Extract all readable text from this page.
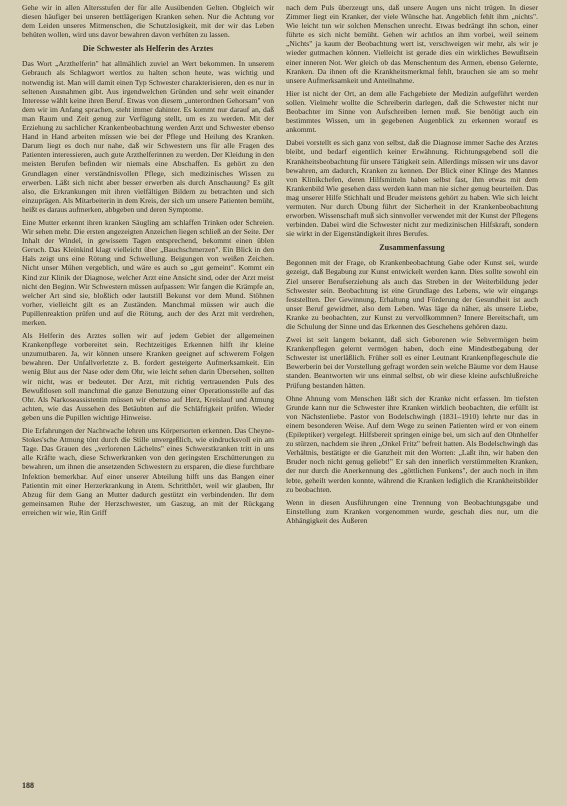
Gehe wir in allen Altersstufen der für alle Ausübenden Gelten. Obgleich wir diesen häufiger bei unseren bettlägerigen Kranken sehen. Nur die Achtung vor dem Leiden unseres Mitmenschen, die Schutzlosigkeit, mit der wir das Leben behüten wollen, wird uns davor bewahren davon verhüten zu lassen.

Die Schwester als Helferin des Arztes

Das Wort „Arzthelferin" hat allmählich zuviel an Wert bekommen. In unserem Gebrauch als Schlagwort wertlos zu halten schon heute, was wichtig und notwendig ist. Man will damit einen Typ Schwester charakterisieren, den es nur in seltenen Ausnahmen gibt. Aus irgendwelchen Gründen und sehr weit einander Interesse wählt keine ihren Beruf. Etwas von diesem „unterordnen Gehorsam" von dem wir im Anfang sprachen, steht immer dahinter. Es kommt nur darauf an, daß man Raum und Zeit genug zur Verfügung stellt, um es zu werden. Mit der Erziehung zu sachlicher Krankenbeobachtung werden Arzt und Schwester ebenso Hand in Hand arbeiten müssen wie bei der Pflege und Heilung des Kranken. Darum liegt es doch nur nahe, daß wir Schwestern uns für alle Fragen des Patienten interessieren, auch gute Arzthelferinnen zu werden. Der Kleidung in den meisten Berufen befinden wir niemals eine Abschaffen. Es gehört zu den Grundlagen einer verständnisvollen Pflege, sich medizinisches Wissen zu erwerben. Läßt sich nicht aber besser erwerben als durch Anschauung? Es gilt also, die Erkrankungen mit ihren vielfältigen Bildern zu betrachten und sich einzuprägen. Als Mitarbeiterin in dem Kreis, der sich um unsere Patienten bemüht, heißt es daraus aufmerken, abbgeben und deren Symptome.

Eine Mutter erkennt ihren kranken Säugling am schlaffen Trinken oder Schreien. Wir sehen mehr. Die ersten angezeigten Anzeichen liegen schließ an der Seite. Der Inhalt der Windel, in gewissem Tagen entsprechend, bekommt einen üblen Geruch. Das Kleinkind klagt vielleicht über „Bauchschmerzen". Ein Blick in den Hals zeigt uns eine Rötung und Schwellung. Beigungen von weißen Zeichen. Nicht unser Mühen vergeblich, und wäre es auch so „gut gemeint". Kommt ein Kind zur Klinik der Diagnose, welcher Arzt eine Ansicht sind, oder der Arzt meist nicht den Beginn. Wir Schwestern müssen aufpassen: Wir fangen die Krämpfe an, welcher Art sind sie, bloßlich oder lautstill Bekunst vor dem Mund. Stöhnen vorher, vielleicht gilt es an Zuständen. Manchmal müssen wir auch die Pupillenreaktion prüfen und auf die Rötung, auch der des Arzt mit verdrehen, merken.

Als Helferin des Arztes sollen wir auf jedem Gebiet der allgemeinen Krankenpflege vorbereitet sein. Rechtzeitiges Erkennen hilft ihr kleine unzumutbaren. Ja, wir können unsere Kranken geeignet auf schwerem Folgen bewahren. Der Unfallverletzte z. B. fordert gesteigerte Aufmerksamkeit. Ein wenig Blut aus der Nase oder dem Ohr, wie leicht sehen darin Übersehen, sollten wir nicht, was er bedeutet. Der Arzt, mit richtig vertrauenden Puls des Bewußtlosen soll manchmal die ganze Benutzung einer Operationsstelle auf das Ohr. Als Narkoseassistentin müssen wir ebenso auf Herz, Kreislauf und Atmung achten, wie das Aussehen des Betäubten auf die Schläfrigkeit prüfen. Wieder geben uns die Pupillen wichtige Hinweise.

Die Erfahrungen der Nachtwache lehren uns Körpersorten erkennen. Das Cheyne-Stokes'sche Atmung tönt durch die Stille unvergeßlich, wie eindrucksvoll ein am Tage. Das Grauen des „verlorenen Lächelns" eines Schwerstkranken tritt in uns alle Kräfte wach, diese Schwerkranken von den geringsten Erschütterungen zu bewahren, um ihnen die ansetzenden Schwestern zu ersparen, die diese furchtbare Infektion bemerkbar. Auf einer unserer Abteilung hilft uns das Bangen einer Patientin mit einer Herzerkrankung in Atem. Schritthört, weil wir glauben, Ihr Abzug für dem Gang an Mutter dadurch gestützt ein verbindenden. Ihr dem gemeinsamen Ruhe der Herzschwester, um Gaszug, an mit der Rückgang erreichen wir wie, Rin Griff

nach dem Puls überzeugt uns, daß unsere Augen uns nicht trügen. In dieser Zimmer liegt ein Kranker, der viele Wünsche hat. Angeblich fehlt ihm „nichts". Wie leicht tun wir solchen Menschen unrecht. Etwas bedrängt ihn schon, einer führte es sich nicht bemüht. Gehen wir achtlos an ihm vorbei, weil seinem „Nichts" ja kaum der Beobachtung wert ist, verschweigen wir mehr, als wir je wieder gutmachen können. Vielleicht ist gerade dies ein wirkliches Bewußtsein einer inneren Not. Wer gleich ob das Menschentum des Armen, ebenso Gelernte, Kranken. Da ihnen oft die Krankheitsmerkmal fehlt, brauchen sie am so mehr unsere Aufmerksamkeit und Anteilnahme.

Hier ist nicht der Ort, an dem alle Fachgebiete der Medizin aufgeführt werden sollen. Vielmehr wollte die Schreiberin darlegen, daß die Schwester nicht nur Beobachter im Sinne von Aufschreiben lernen muß. Sie benötigt auch ein bestimmtes Wissen, um in gegebenen Augenblick zu erkennen worauf es ankommt.

Dabei vorstellt es sich ganz von selbst, daß die Diagnose immer Sache des Arztes bleibt, und bedarf eigentlich keiner Erwähnung. Richtungsgebend soll die Krankheitsbeobachtung für unsere Tätigkeit sein. Allerdings müssen wir uns davor bewahren, am dadurch, Kranken zu kennen. Der Blick einer Klinge des Mannes von Klinikchefen, deren Hilfsmitteln haben selbst fast, ihm etwas mit dem Krankenbild Wie gesehen dass werden kann man nie sicher genug beurteilen. Das mag unserer Hilfe Stichhalt und Bruder meistens gehört zu haben. Wie sich leicht vermuten. Nur durch Übung führt der Sicherheit in der Krankenbeobachtung erworben. Wissenschaft muß sich sinnvoller verwendet mit der Kunst der Pflegens verbinden. Dabei wird die Schwester nicht zur medizinischen Hilfskraft, sondern sie wirkt in der Eigenständigkeit ihres Berufes.

Zusammenfassung

Begonnen mit der Frage, ob Krankenbeobachtung Gabe oder Kunst sei, wurde gezeigt, daß Begabung zur Kunst entwickelt werden kann. Dies sollte sowohl ein Ziel unserer Berufserziehung als auch das Streben in der Weiterbildung jeder Schwester sein. Beobachtung ist eine Grundlage des Lebens, wie wir eingangs feststellten. Der Gewinnung, Erhaltung und Förderung der Gesundheit ist auch unser Beruf gewidmet, also dem Leben. Was läge da näher, als unsere Liebe, Kranke zu beobachten, zur Kunst zu vervollkommnen? Innere Bereitschaft, um die Schulung der Sinne und das Erkennen des Geschehens gehören dazu.

Zwei ist seit langem bekannt, daß sich Geborenen wie Sehvermögen beim Krankenpflegen gelernt vermögen haben, doch eine Mindestbegabung der Schwester ist unerläßlich. Früher soll es einer Leutnant Krankenpflegeschule die Bewerberin bei der Vorstellung gefragt worden sein welche Bäume vor dem Hause standen. Beantworten wir uns einmal selbst, ob wir diese kleine aufschlußreiche Prüfung bestanden hätten.

Ohne Ahnung vom Menschen läßt sich der Kranke nicht erfassen. Im tiefsten Grunde kann nur die Schwester ihre Kranken wirklich beobachten, die erfüllt ist von Nächstenliebe. Pastor von Bodelschwingh (1831–1910) lehrte nur das in einem besonderen Weise. Auf dem Wege zu seinen Patienten wird er von einem (Epileptiker) vergelegt. Hilfsbereit springen einige bei, um sich auf den Ohnhelfer zu stürzen, nachdem sie ihren „Onkel Fritz" befreit hatten. Als Bodelschwingh das Verhältnis, bestätigte er die Ganzheit mit den Worten: „Laßt ihn, wir haben den Bruder noch nicht genug geliebt!" Er sah den innerlich verstümmelten Kranken, der nur durch die Anerkennung des „göttlichen Funkens", der auch noch in ihm lebte, geheilt werden konnte, während die Kranken lediglich die Krankheitsbilder zu beobachten.

Wenn in diesen Ausführungen eine Trennung von Beobachtungsgabe und Einstellung zum Kranken vorgenommen wurde, geschah dies nur, um die Abhängigkeit des Äußeren

188
